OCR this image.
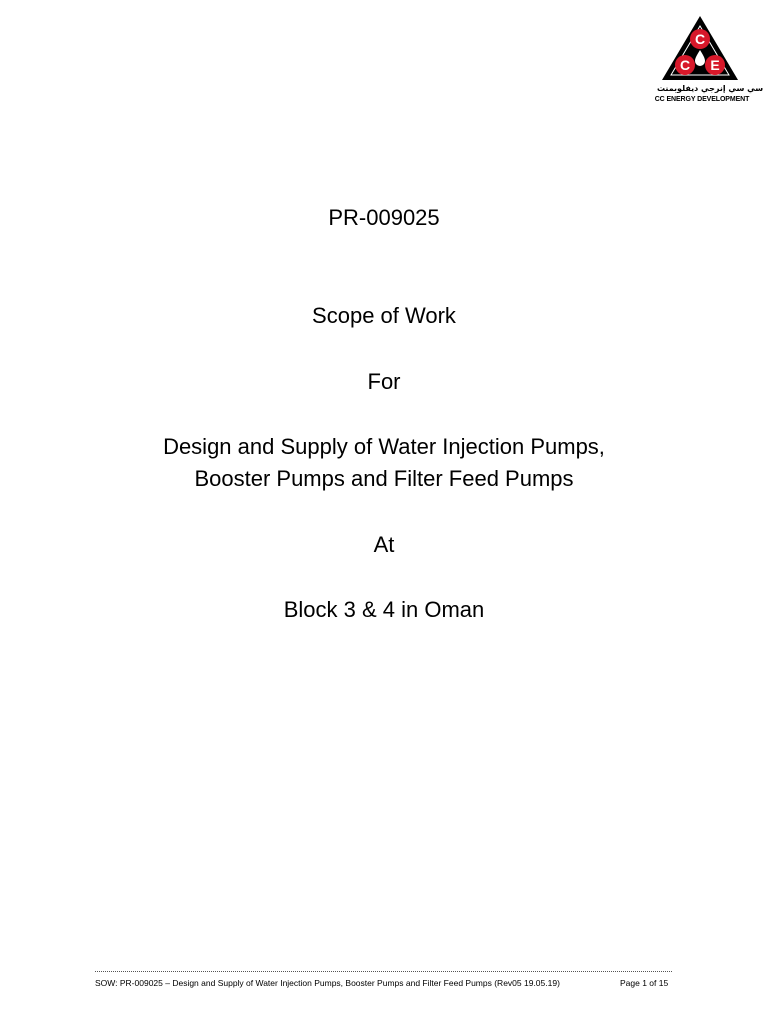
C
C E
سي سي إنرجي ديفلوبمنت
CC ENERGY DEVELOPMENT
PR-009025
Scope of Work
For
Design and Supply of Water Injection Pumps,
Booster Pumps and Filter Feed Pumps
At
Block 3 & 4 in Oman
SOW: PR-009025 – Design and Supply of Water Injection Pumps, Booster Pumps and Filter Feed Pumps (Rev05 19.05.19)	Page 1 of 15
